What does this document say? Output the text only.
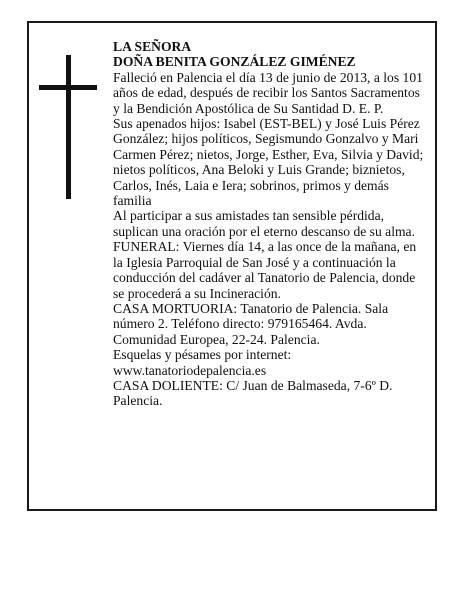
LA SEÑORA

DOÑA BENITA GONZÁLEZ GIMÉNEZ

Falleció en Palencia el día 13 de junio de 2013, a los 101 años de edad, después de recibir los Santos Sacramentos y la Bendición Apostólica de Su Santidad D. E. P.

Sus apenados hijos: Isabel (EST-BEL) y José Luis Pérez González; hijos políticos, Segismundo Gonzalvo y Mari Carmen Pérez; nietos, Jorge, Esther, Eva, Silvia y David; nietos políticos, Ana Beloki y Luis Grande; biznietos, Carlos, Inés, Laia e Iera; sobrinos, primos y demás familia

Al participar a sus amistades tan sensible pérdida, suplican una oración por el eterno descanso de su alma.

FUNERAL: Viernes día 14, a las once de la mañana, en la Iglesia Parroquial de San José y a continuación la conducción del cadáver al Tanatorio de Palencia, donde se procederá a su Incineración.

CASA MORTUORIA: Tanatorio de Palencia. Sala número 2. Teléfono directo: 979165464. Avda. Comunidad Europea, 22-24. Palencia.

Esquelas y pésames por internet: www.tanatoriodepalencia.es

CASA DOLIENTE: C/ Juan de Balmaseda, 7-6º D. Palencia.
